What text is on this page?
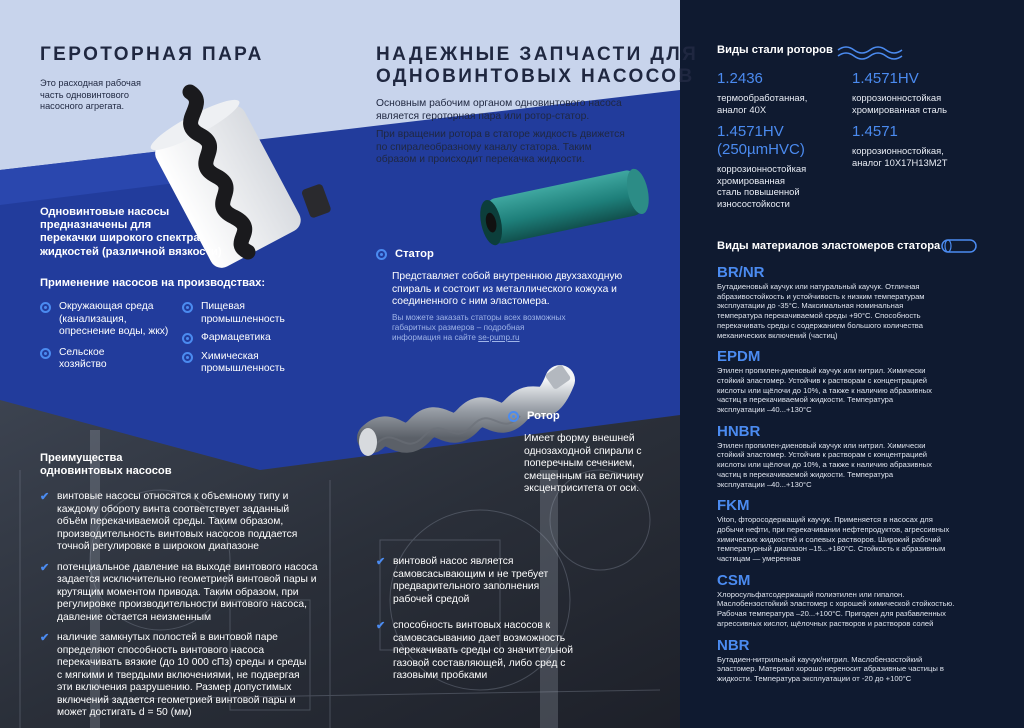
ГЕРОТОРНАЯ ПАРА
Это расходная рабочая
часть одновинтового
насосного агрегата.
Одновинтовые насосы
предназначены для
перекачки широкого спектра
жидкостей (различной вязкости)
Применение насосов на производствах:
Окружающая среда
(канализация,
опреснение воды, жкх)
Сельское
хозяйство
Пищевая
промышленность
Фармацевтика
Химическая
промышленность
НАДЕЖНЫЕ ЗАПЧАСТИ ДЛЯ
ОДНОВИНТОВЫХ НАСОСОВ
Основным рабочим органом одновинтового насоса
является героторная пара или ротор-статор.
При вращении ротора в статоре жидкость движется
по спиралеобразному каналу статора. Таким
образом и происходит перекачка жидкости.
Статор
Представляет собой внутреннюю двухзаходную
спираль и состоит из металлического кожуха и
соединенного с ним эластомера.
Вы можете заказать статоры всех возможных
габаритных размеров – подробная
информация на сайте se-pump.ru
Ротор
Имеет форму внешней
однозаходной спирали с
поперечным сечением,
смещенным на величину
эксцентриситета от оси.
Преимущества
одновинтовых насосов
✔ винтовые насосы относятся к объемному типу и
каждому обороту винта соответствует заданный
объём перекачиваемой среды. Таким образом,
производительность винтовых насосов поддается
точной регулировке в широком диапазоне
✔ потенциальное давление на выходе винтового насоса
задается исключительно геометрией винтовой пары и
крутящим моментом привода. Таким образом, при
регулировке производительности винтового насоса,
давление остается неизменным
✔ наличие замкнутых полостей в винтовой паре
определяют способность винтового насоса
перекачивать вязкие (до 10 000 сПз) среды и среды
с мягкими и твердыми включениями, не подвергая
эти включения разрушению. Размер допустимых
включений задается геометрией винтовой пары и
может достигать d = 50 (мм)
✔ винтовой насос является
самовсасывающим и не требует
предварительного заполнения
рабочей средой
✔ способность винтовых насосов к
самовсасыванию дает возможность
перекачивать среды со значительной
газовой составляющей, либо сред с
газовыми пробками
Виды стали роторов
1.2436
термообработанная,
аналог 40Х
1.4571HV
коррозионностойкая
хромированная сталь
1.4571HV
(250µmHVC)
коррозионностойкая
хромированная
сталь повышенной
износостойкости
1.4571
коррозионностойкая,
аналог 10Х17Н13М2Т
Виды материалов эластомеров статора
BR/NR
Бутадиеновый каучук или натуральный каучук. Отличная
абразивостойкость и устойчивость к низким температурам
эксплуатации до -35°С. Максимальная номинальная
температура перекачиваемой среды +90°С. Способность
перекачивать среды с содержанием большого количества
механических включений (частиц)
EPDM
Этилен пропилен-диеновый каучук или нитрил. Химически
стойкий эластомер. Устойчив к растворам с концентрацией
кислоты или щёлочи до 10%, а также к наличию абразивных
частиц в перекачиваемой жидкости. Температура
эксплуатации –40...+130°С
HNBR
Этилен пропилен-диеновый каучук или нитрил. Химически
стойкий эластомер. Устойчив к растворам с концентрацией
кислоты или щёлочи до 10%, а также к наличию абразивных
частиц в перекачиваемой жидкости. Температура
эксплуатации –40...+130°С
FKM
Viton, фторосодержащий каучук. Применяется в насосах для
добычи нефти, при перекачивании нефтепродуктов, агрессивных
химических жидкостей и солевых растворов. Широкий рабочий
температурный диапазон –15...+180°С. Стойкость к абразивным
частицам — умеренная
CSM
Хлоросульфатсодержащий полиэтилен или гипалон.
Маслобензостойкий эластомер с хорошей химической стойкостью.
Рабочая температура –20...+100°С. Пригоден для разбавленных
агрессивных кислот, щёлочных растворов и растворов солей
NBR
Бутадиен-нитрильный каучук/нитрил. Маслобензостойкий
эластомер. Материал хорошо переносит абразивные частицы в
жидкости. Температура эксплуатации от -20 до +100°С
